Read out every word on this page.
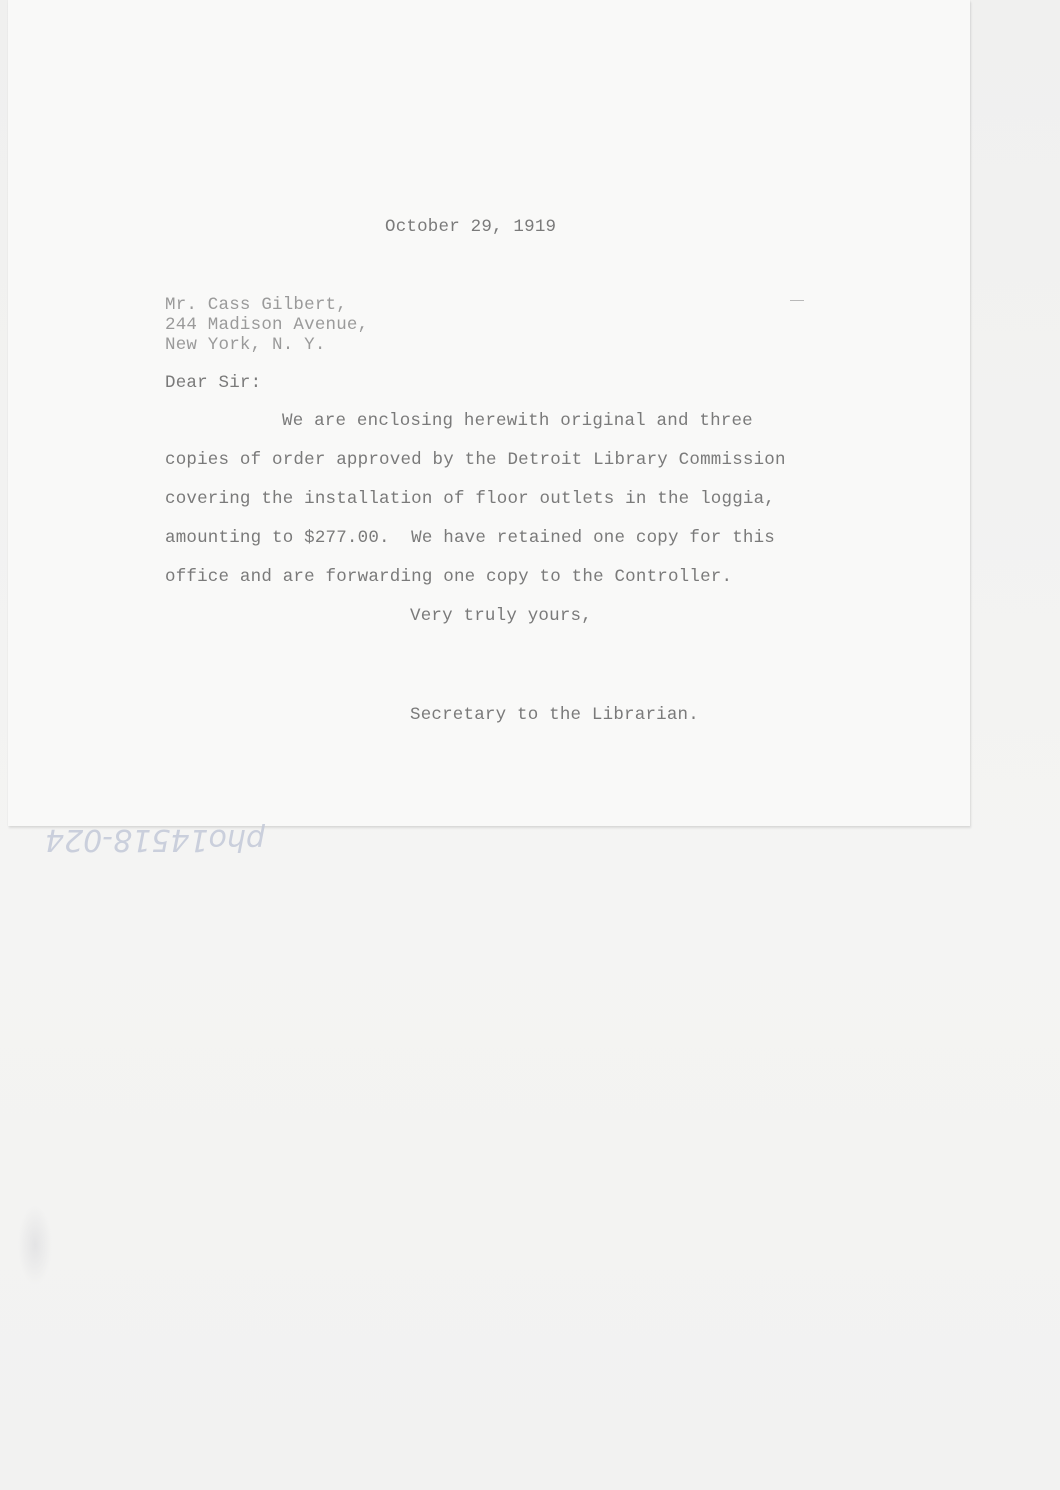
October 29, 1919
Mr. Cass Gilbert,
244 Madison Avenue,
New York, N. Y.
Dear Sir:
We are enclosing herewith original and three
copies of order approved by the Detroit Library Commission
covering the installation of floor outlets in the loggia,
amounting to $277.00.  We have retained one copy for this
office and are forwarding one copy to the Controller.
Very truly yours,
Secretary to the Librarian.
pho14518-024
